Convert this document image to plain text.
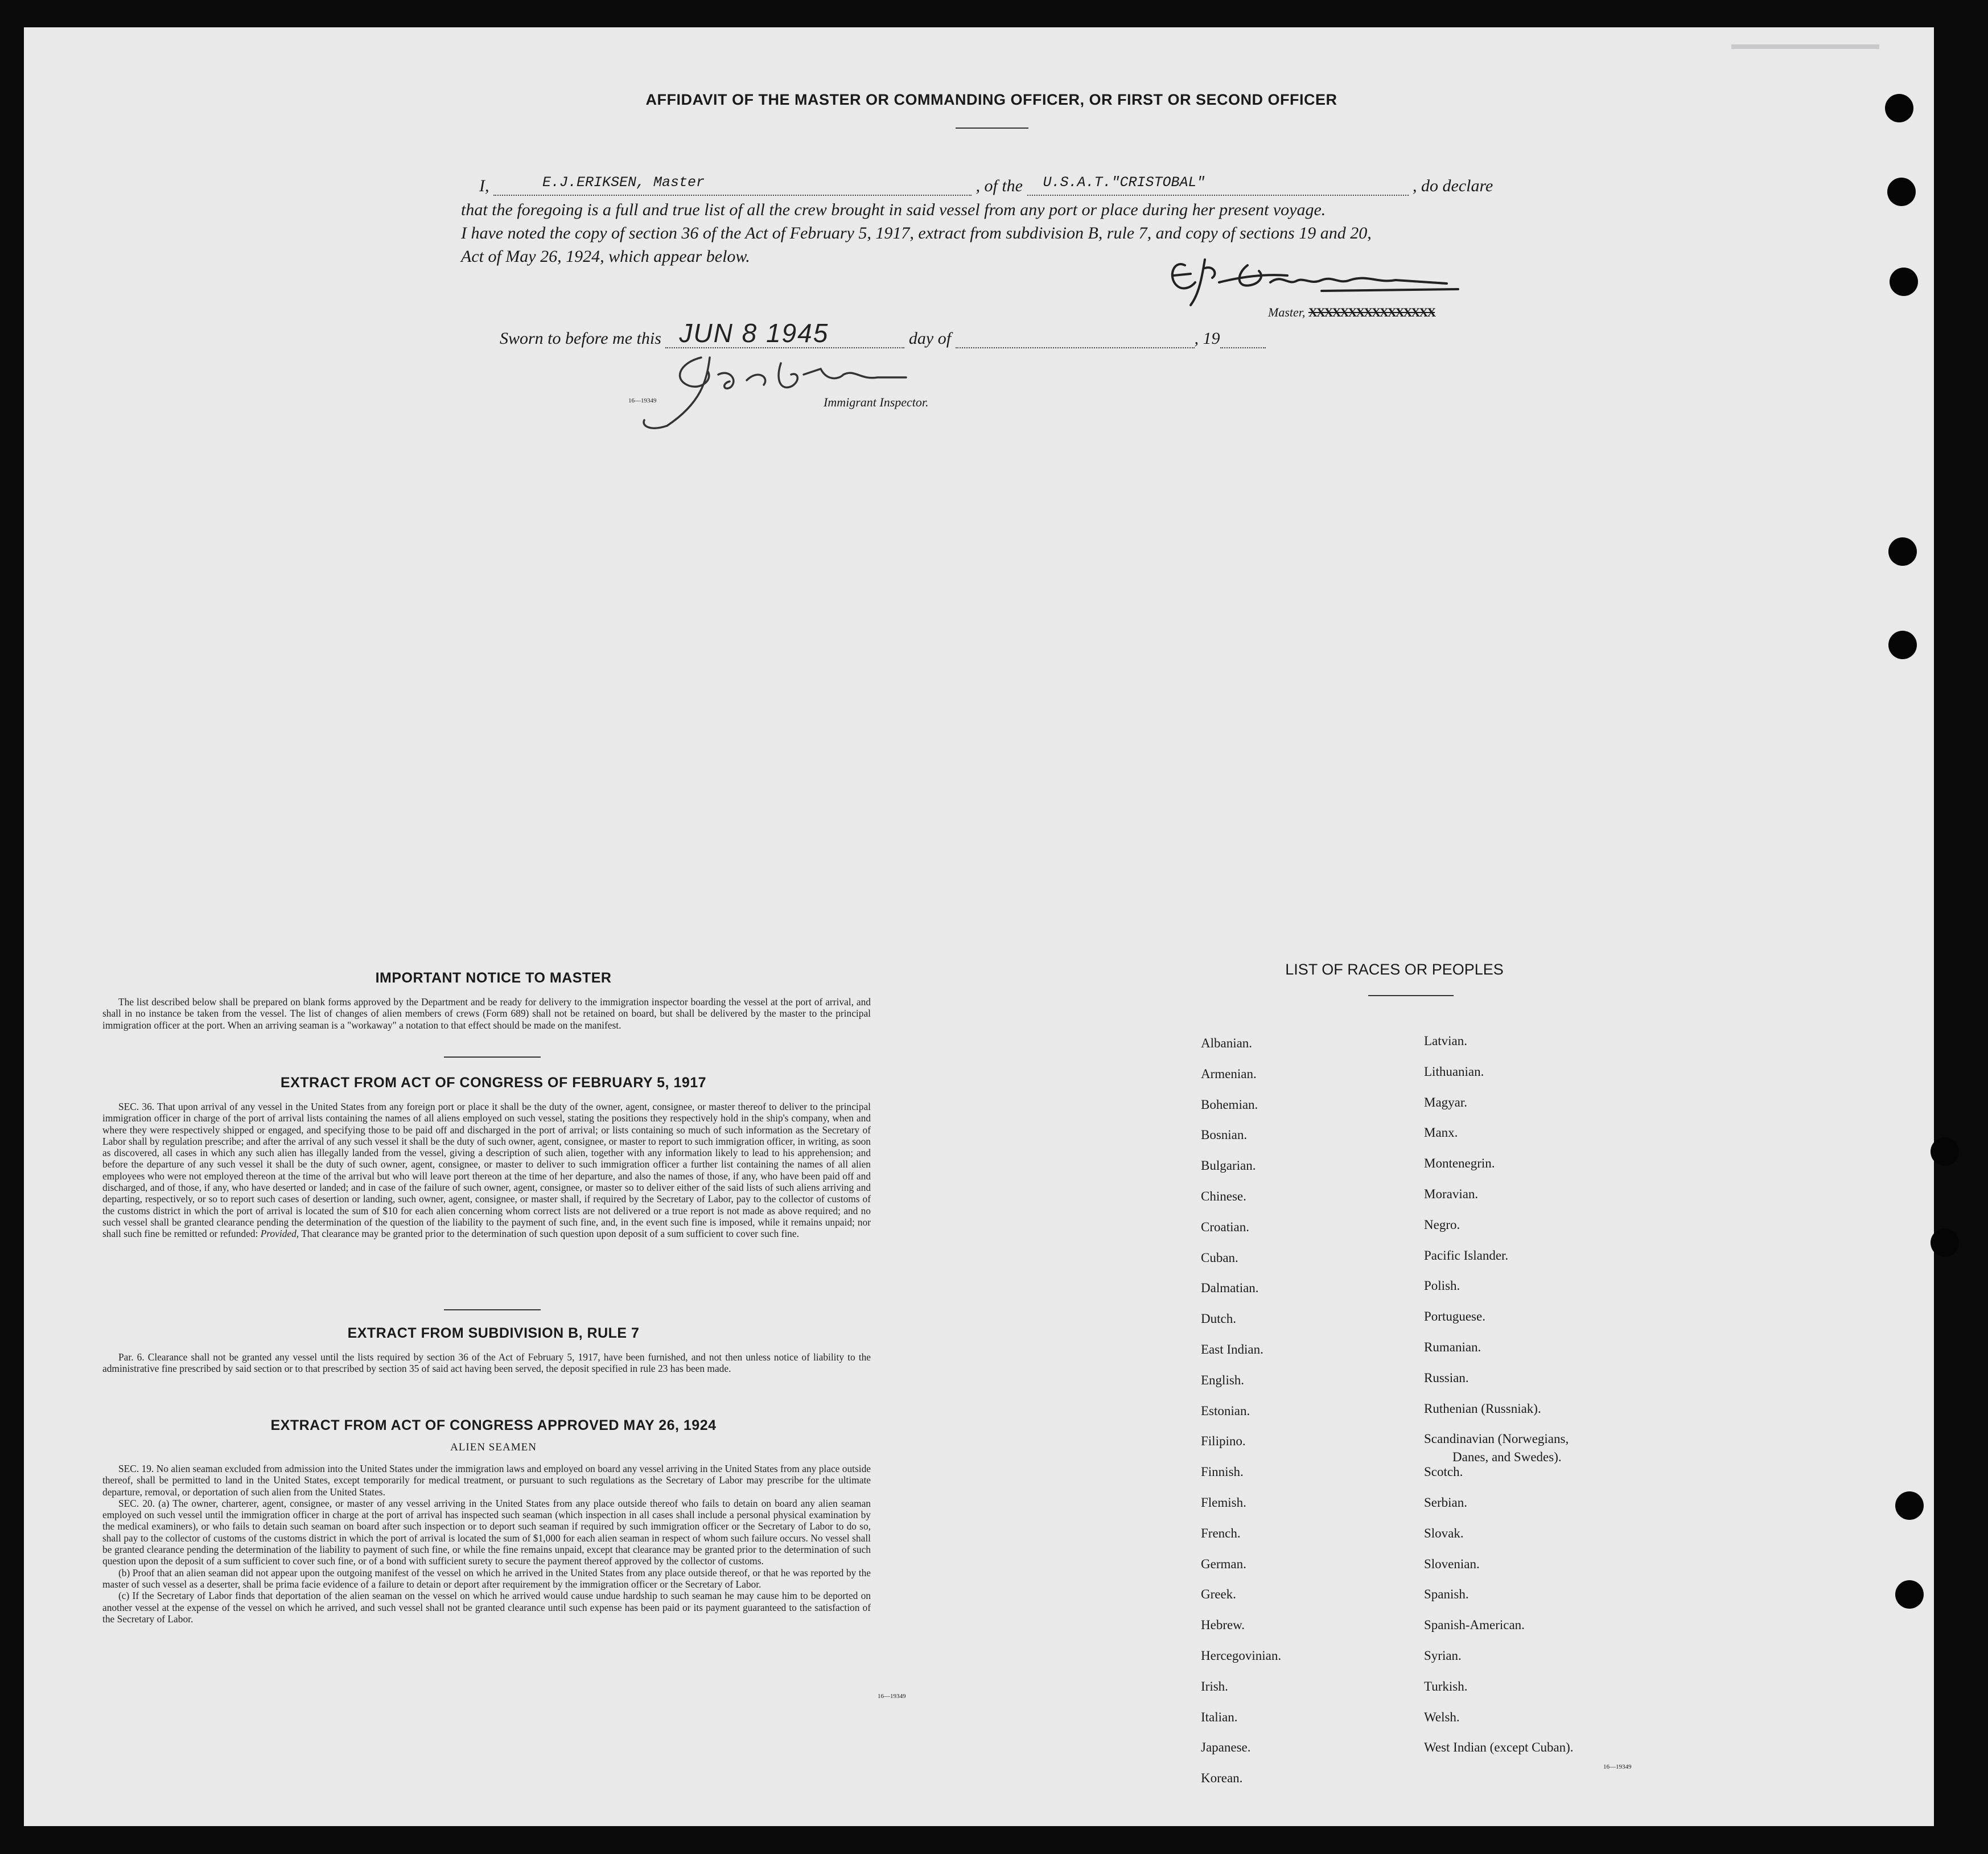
AFFIDAVIT OF THE MASTER OR COMMANDING OFFICER, OR FIRST OR SECOND OFFICER
I,	E.J.ERIKSEN, Master	, of the U.S.A.T."CRISTOBAL"	, do declare
that the foregoing is a full and true list of all the crew brought in said vessel from any port or place during her present voyage.
I have noted the copy of section 36 of the Act of February 5, 1917, extract from subdivision B, rule 7, and copy of sections 19 and 20,
Act of May 26, 1924, which appear below.
Master, XXXXXXXXXXXXXXXX
Sworn to before me this JUN 8 1945	day of	, 19
16—19349	Immigrant Inspector.
IMPORTANT NOTICE TO MASTER

The list described below shall be prepared on blank forms approved by the Department and be ready for delivery to the immigration inspector boarding the vessel at the port of arrival, and shall in no instance be taken from the vessel. The list of changes of alien members of crews (Form 689) shall not be retained on board, but shall be delivered by the master to the principal immigration officer at the port. When an arriving seaman is a "workaway" a notation to that effect should be made on the manifest.

EXTRACT FROM ACT OF CONGRESS OF FEBRUARY 5, 1917

SEC. 36. That upon arrival of any vessel in the United States from any foreign port or place it shall be the duty of the owner, agent, consignee, or master thereof to deliver to the principal immigration officer in charge of the port of arrival lists containing the names of all aliens employed on such vessel, stating the positions they respectively hold in the ship's company, when and where they were respectively shipped or engaged, and specifying those to be paid off and discharged in the port of arrival; or lists containing so much of such information as the Secretary of Labor shall by regulation prescribe; and after the arrival of any such vessel it shall be the duty of such owner, agent, consignee, or master to report to such immigration officer, in writing, as soon as discovered, all cases in which any such alien has illegally landed from the vessel, giving a description of such alien, together with any information likely to lead to his apprehension; and before the departure of any such vessel it shall be the duty of such owner, agent, consignee, or master to deliver to such immigration officer a further list containing the names of all alien employees who were not employed thereon at the time of the arrival but who will leave port thereon at the time of her departure, and also the names of those, if any, who have been paid off and discharged, and of those, if any, who have deserted or landed; and in case of the failure of such owner, agent, consignee, or master so to deliver either of the said lists of such aliens arriving and departing, respectively, or so to report such cases of desertion or landing, such owner, agent, consignee, or master shall, if required by the Secretary of Labor, pay to the collector of customs of the customs district in which the port of arrival is located the sum of $10 for each alien concerning whom correct lists are not delivered or a true report is not made as above required; and no such vessel shall be granted clearance pending the determination of the question of the liability to the payment of such fine, and, in the event such fine is imposed, while it remains unpaid; nor shall such fine be remitted or refunded: Provided, That clearance may be granted prior to the determination of such question upon deposit of a sum sufficient to cover such fine.

EXTRACT FROM SUBDIVISION B, RULE 7

Par. 6. Clearance shall not be granted any vessel until the lists required by section 36 of the Act of February 5, 1917, have been furnished, and not then unless notice of liability to the administrative fine prescribed by said section or to that prescribed by section 35 of said act having been served, the deposit specified in rule 23 has been made.

EXTRACT FROM ACT OF CONGRESS APPROVED MAY 26, 1924
ALIEN SEAMEN

SEC. 19. No alien seaman excluded from admission into the United States under the immigration laws and employed on board any vessel arriving in the United States from any place outside thereof, shall be permitted to land in the United States, except temporarily for medical treatment, or pursuant to such regulations as the Secretary of Labor may prescribe for the ultimate departure, removal, or deportation of such alien from the United States.

SEC. 20. (a) The owner, charterer, agent, consignee, or master of any vessel arriving in the United States from any place outside thereof who fails to detain on board any alien seaman employed on such vessel until the immigration officer in charge at the port of arrival has inspected such seaman (which inspection in all cases shall include a personal physical examination by the medical examiners), or who fails to detain such seaman on board after such inspection or to deport such seaman if required by such immigration officer or the Secretary of Labor to do so, shall pay to the collector of customs of the customs district in which the port of arrival is located the sum of $1,000 for each alien seaman in respect of whom such failure occurs. No vessel shall be granted clearance pending the determination of the liability to payment of such fine, or while the fine remains unpaid, except that clearance may be granted prior to the determination of such question upon the deposit of a sum sufficient to cover such fine, or of a bond with sufficient surety to secure the payment thereof approved by the collector of customs.

(b) Proof that an alien seaman did not appear upon the outgoing manifest of the vessel on which he arrived in the United States from any place outside thereof, or that he was reported by the master of such vessel as a deserter, shall be prima facie evidence of a failure to detain or deport after requirement by the immigration officer or the Secretary of Labor.

(c) If the Secretary of Labor finds that deportation of the alien seaman on the vessel on which he arrived would cause undue hardship to such seaman he may cause him to be deported on another vessel at the expense of the vessel on which he arrived, and such vessel shall not be granted clearance until such expense has been paid or its payment guaranteed to the satisfaction of the Secretary of Labor.

16—19349
LIST OF RACES OR PEOPLES
16—19349
Albanian.
Armenian.
Bohemian.
Bosnian.
Bulgarian.
Chinese.
Croatian.
Cuban.
Dalmatian.
Dutch.
East Indian.
English.
Estonian.
Filipino.
Finnish.
Flemish.
French.
German.
Greek.
Hebrew.
Hercegovinian.
Irish.
Italian.
Japanese.
Korean.
Latvian.
Lithuanian.
Magyar.
Manx.
Montenegrin.
Moravian.
Negro.
Pacific Islander.
Polish.
Portuguese.
Rumanian.
Russian.
Ruthenian (Russniak).
Scandinavian (Norwegians,
Danes, and Swedes).
Scotch.
Serbian.
Slovak.
Slovenian.
Spanish.
Spanish-American.
Syrian.
Turkish.
Welsh.
West Indian (except Cuban).
